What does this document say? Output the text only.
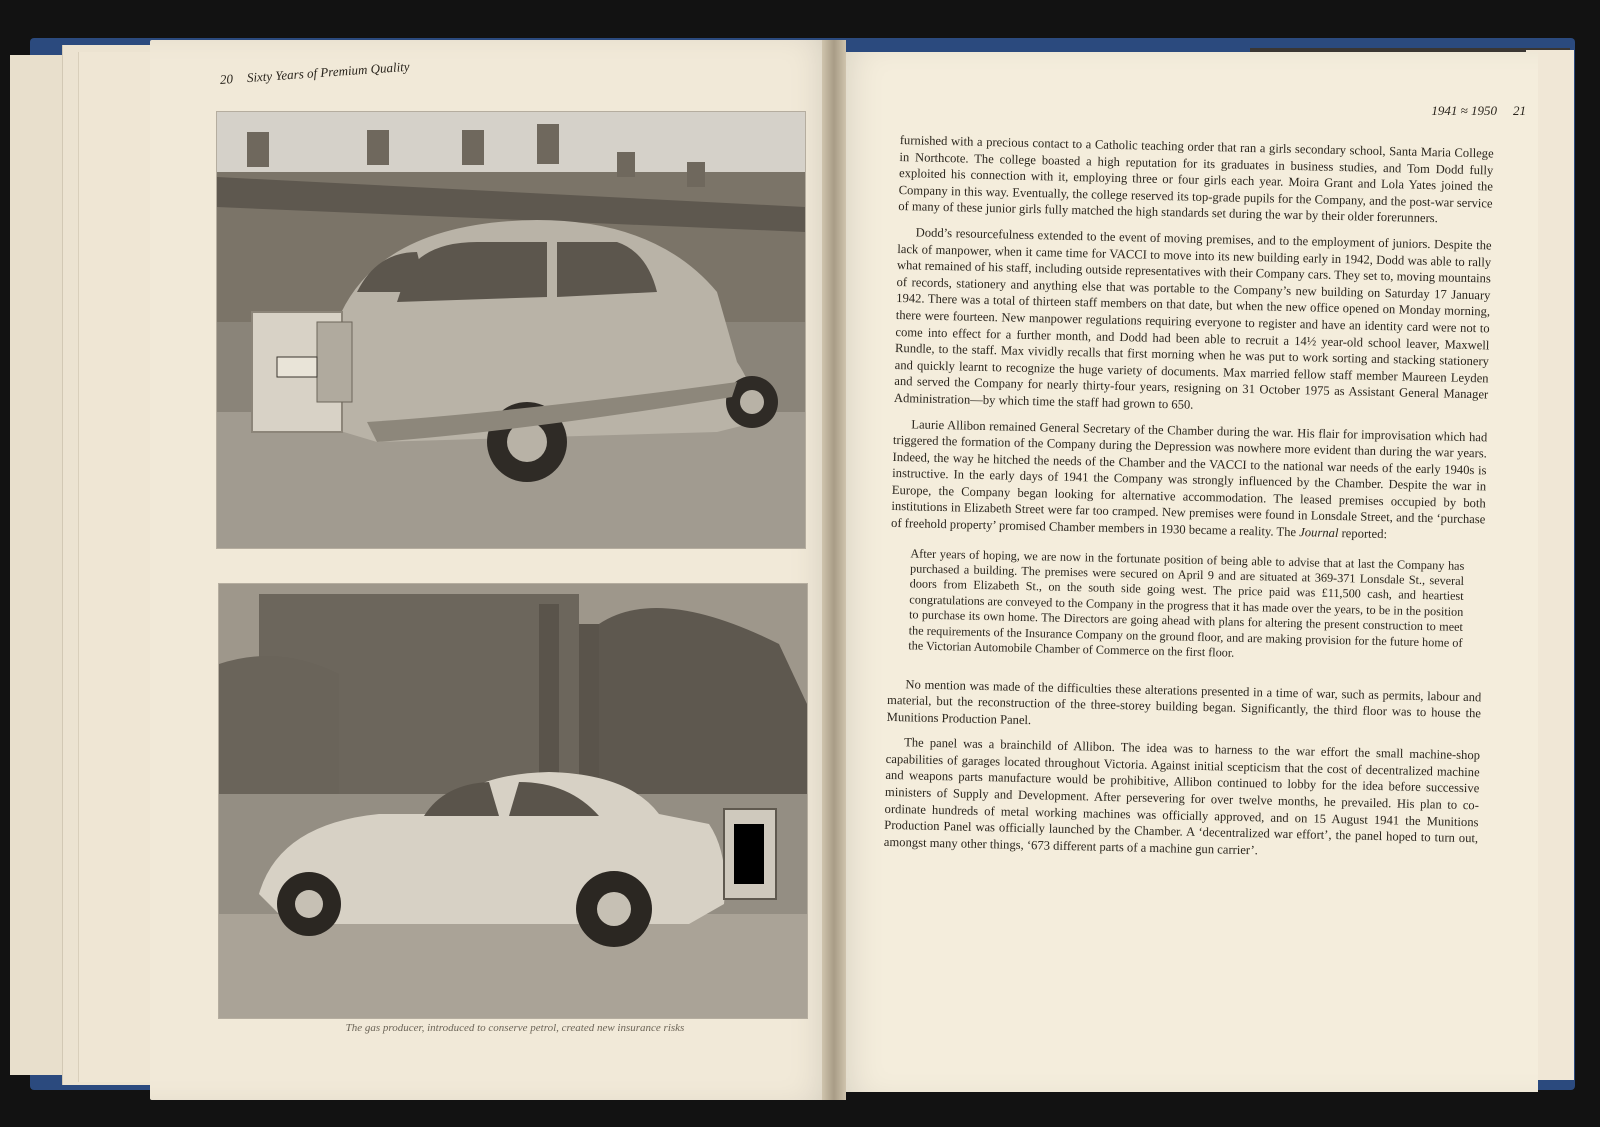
20 Sixty Years of Premium Quality
1941 ≈ 1950 21
The gas producer, introduced to conserve petrol, created new insurance risks

furnished with a precious contact to a Catholic teaching order that ran a girls secondary school, Santa Maria College in Northcote. The college boasted a high reputation for its graduates in business studies, and Tom Dodd fully exploited his connection with it, employing three or four girls each year. Moira Grant and Lola Yates joined the Company in this way. Eventually, the college reserved its top-grade pupils for the Company, and the post-war service of many of these junior girls fully matched the high standards set during the war by their older forerunners.

Dodd’s resourcefulness extended to the event of moving premises, and to the employment of juniors. Despite the lack of manpower, when it came time for VACCI to move into its new building early in 1942, Dodd was able to rally what remained of his staff, including outside representatives with their Company cars. They set to, moving mountains of records, stationery and anything else that was portable to the Company’s new building on Saturday 17 January 1942. There was a total of thirteen staff members on that date, but when the new office opened on Monday morning, there were fourteen. New manpower regulations requiring everyone to register and have an identity card were not to come into effect for a further month, and Dodd had been able to recruit a 14½ year-old school leaver, Maxwell Rundle, to the staff. Max vividly recalls that first morning when he was put to work sorting and stacking stationery and quickly learnt to recognize the huge variety of documents. Max married fellow staff member Maureen Leyden and served the Company for nearly thirty-four years, resigning on 31 October 1975 as Assistant General Manager Administration—by which time the staff had grown to 650.

Laurie Allibon remained General Secretary of the Chamber during the war. His flair for improvisation which had triggered the formation of the Company during the Depression was nowhere more evident than during the war years. Indeed, the way he hitched the needs of the Chamber and the VACCI to the national war needs of the early 1940s is instructive. In the early days of 1941 the Company was strongly influenced by the Chamber. Despite the war in Europe, the Company began looking for alternative accommodation. The leased premises occupied by both institutions in Elizabeth Street were far too cramped. New premises were found in Lonsdale Street, and the ‘purchase of freehold property’ promised Chamber members in 1930 became a reality. The Journal reported:

After years of hoping, we are now in the fortunate position of being able to advise that at last the Company has purchased a building. The premises were secured on April 9 and are situated at 369-371 Lonsdale St., several doors from Elizabeth St., on the south side going west. The price paid was £11,500 cash, and heartiest congratulations are conveyed to the Company in the progress that it has made over the years, to be in the position to purchase its own home. The Directors are going ahead with plans for altering the present construction to meet the requirements of the Insurance Company on the ground floor, and are making provision for the future home of the Victorian Automobile Chamber of Commerce on the first floor.

No mention was made of the difficulties these alterations presented in a time of war, such as permits, labour and material, but the reconstruction of the three-storey building began. Significantly, the third floor was to house the Munitions Production Panel.

The panel was a brainchild of Allibon. The idea was to harness to the war effort the small machine-shop capabilities of garages located throughout Victoria. Against initial scepticism that the cost of decentralized machine and weapons parts manufacture would be prohibitive, Allibon continued to lobby for the idea before successive ministers of Supply and Development. After persevering for over twelve months, he prevailed. His plan to co-ordinate hundreds of metal working machines was officially approved, and on 15 August 1941 the Munitions Production Panel was officially launched by the Chamber. A ‘decentralized war effort’, the panel hoped to turn out, amongst many other things, ‘673 different parts of a machine gun carrier’.
